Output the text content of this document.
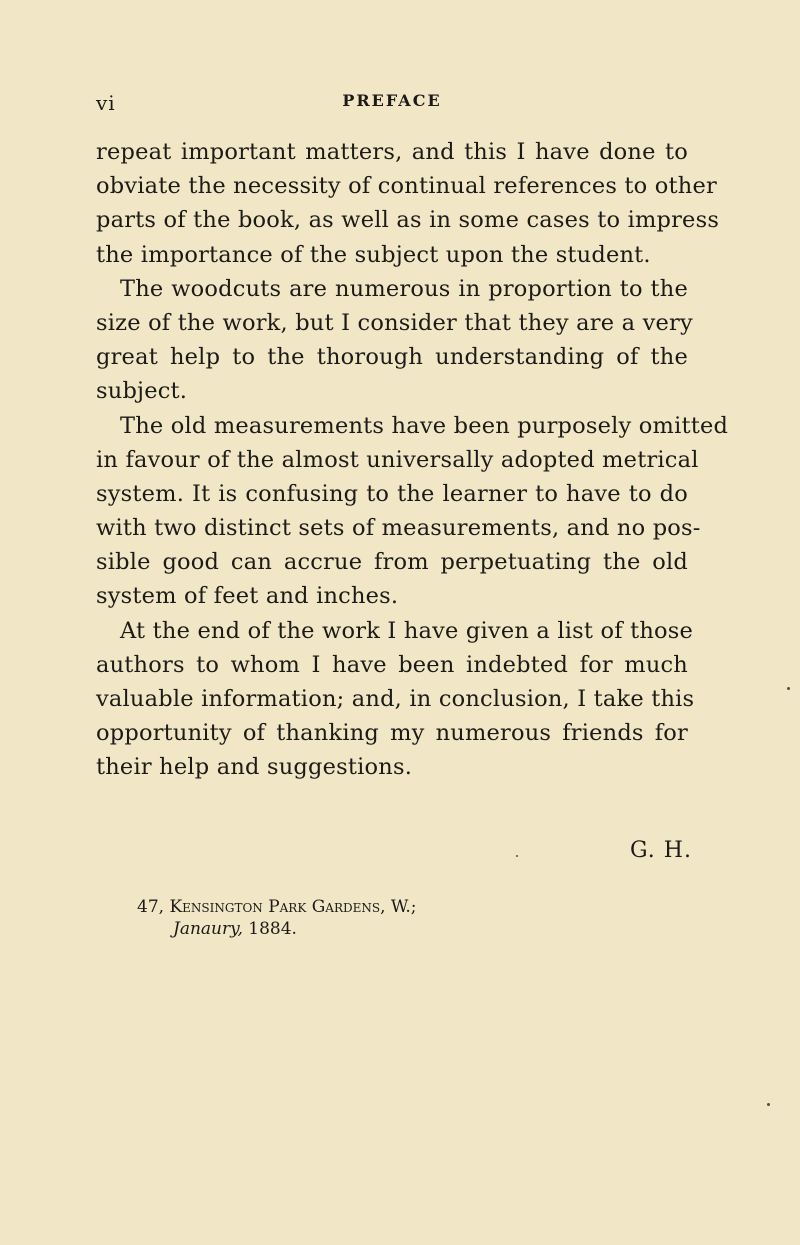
vi	PREFACE
repeat important matters, and this I have done to
obviate the necessity of continual references to other
parts of the book, as well as in some cases to impress
the importance of the subject upon the student.
The woodcuts are numerous in proportion to the
size of the work, but I consider that they are a very
great help to the thorough understanding of the
subject.
The old measurements have been purposely omitted
in favour of the almost universally adopted metrical
system. It is confusing to the learner to have to do
with two distinct sets of measurements, and no pos-
sible good can accrue from perpetuating the old
system of feet and inches.
At the end of the work I have given a list of those
authors to whom I have been indebted for much
valuable information; and, in conclusion, I take this
opportunity of thanking my numerous friends for
their help and suggestions.
G. H.
47, Kensington Park Gardens, W.;
Janaury, 1884.
